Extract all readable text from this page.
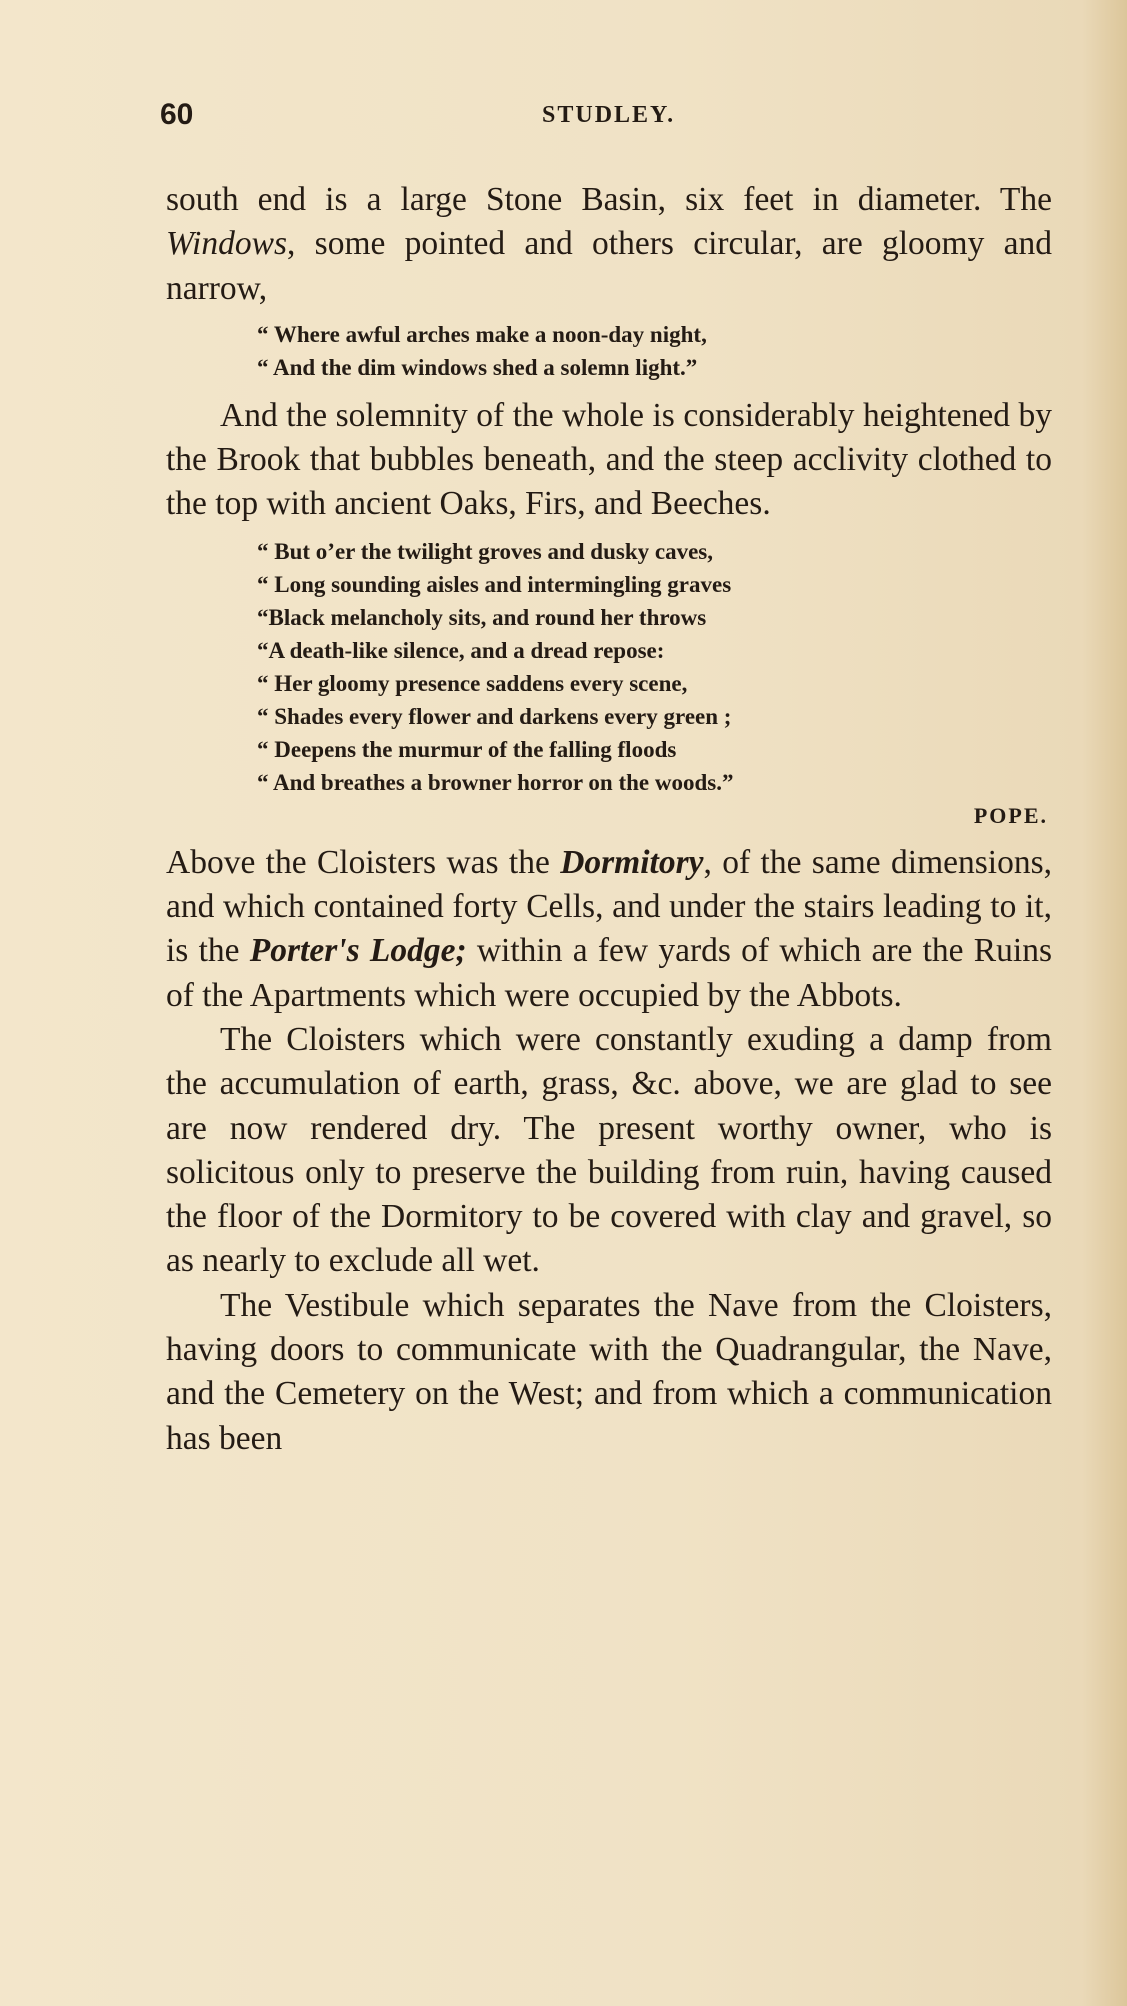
60	STUDLEY.

south end is a large Stone Basin, six feet in diameter. The Windows, some pointed and others circular, are gloomy and narrow,

“ Where awful arches make a noon-day night,
“ And the dim windows shed a solemn light.”

And the solemnity of the whole is considerably heightened by the Brook that bubbles beneath, and the steep acclivity clothed to the top with ancient Oaks, Firs, and Beeches.

“ But o’er the twilight groves and dusky caves,
“ Long sounding aisles and intermingling graves
“Black melancholy sits, and round her throws
“A death-like silence, and a dread repose:
“ Her gloomy presence saddens every scene,
“ Shades every flower and darkens every green ;
“ Deepens the murmur of the falling floods
“ And breathes a browner horror on the woods.”

POPE.

Above the Cloisters was the Dormitory, of the same dimensions, and which contained forty Cells, and under the stairs leading to it, is the Porter's Lodge; within a few yards of which are the Ruins of the Apartments which were occupied by the Abbots.

The Cloisters which were constantly exuding a damp from the accumulation of earth, grass, &c. above, we are glad to see are now rendered dry. The present worthy owner, who is solicitous only to preserve the building from ruin, having caused the floor of the Dormitory to be covered with clay and gravel, so as nearly to exclude all wet.

The Vestibule which separates the Nave from the Cloisters, having doors to communicate with the Quadrangular, the Nave, and the Cemetery on the West; and from which a communication has been
